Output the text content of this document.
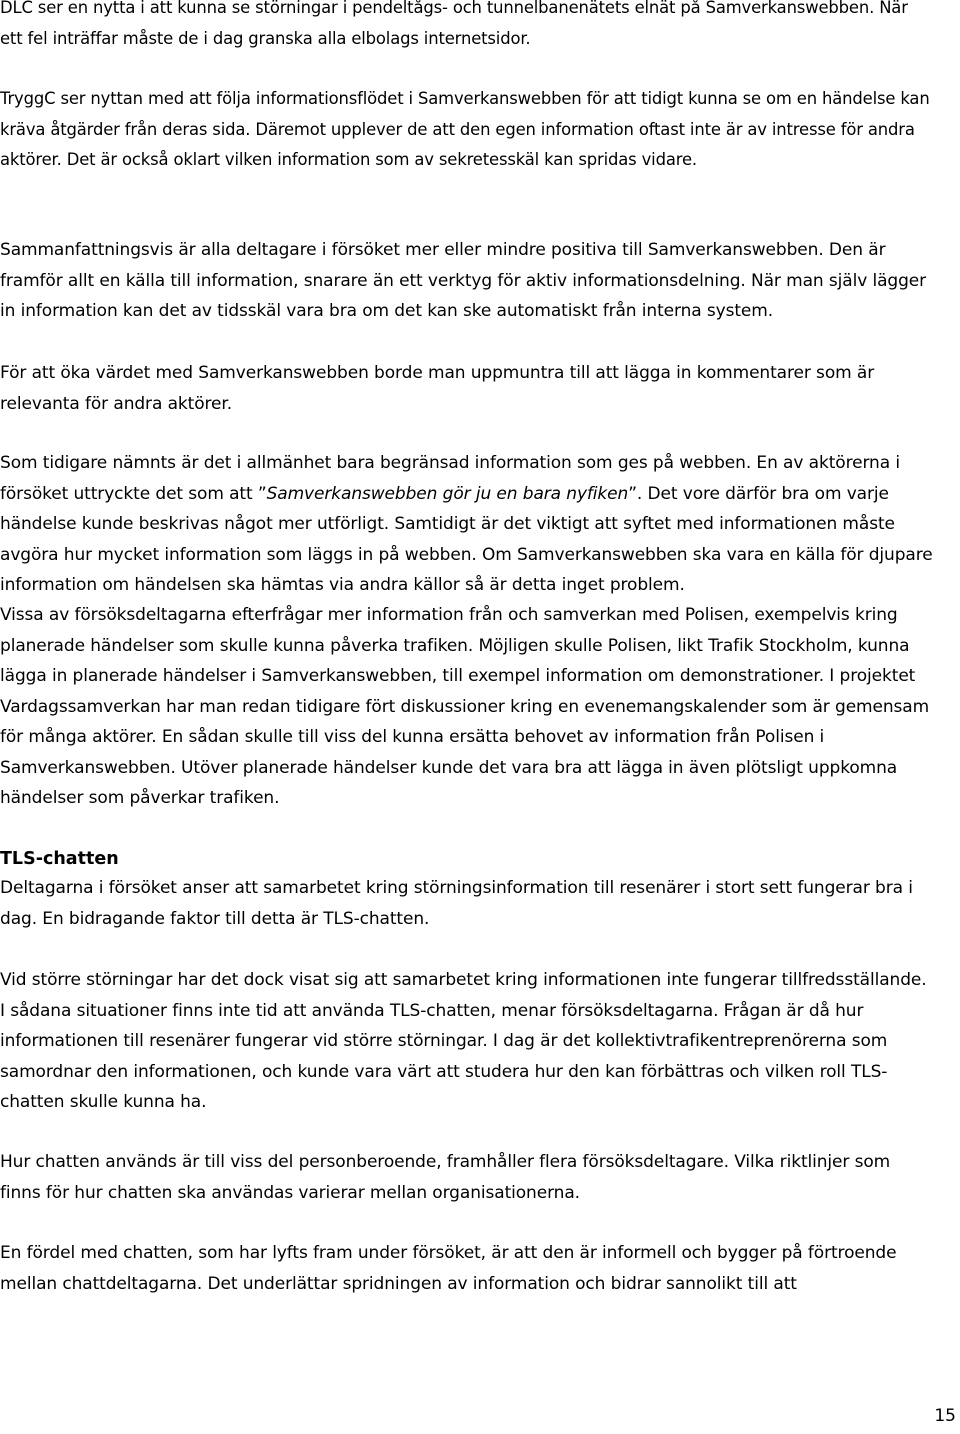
DLC ser en nytta i att kunna se störningar i pendeltågs- och tunnelbanenätets elnät på Samverkanswebben. När ett fel inträffar måste de i dag granska alla elbolags internetsidor.

TryggC ser nyttan med att följa informationsflödet i Samverkanswebben för att tidigt kunna se om en händelse kan kräva åtgärder från deras sida. Däremot upplever de att den egen information oftast inte är av intresse för andra aktörer. Det är också oklart vilken information som av sekretesskäl kan spridas vidare.

Sammanfattningsvis är alla deltagare i försöket mer eller mindre positiva till Samverkanswebben. Den är framför allt en källa till information, snarare än ett verktyg för aktiv informationsdelning. När man själv lägger in information kan det av tidsskäl vara bra om det kan ske automatiskt från interna system.

För att öka värdet med Samverkanswebben borde man uppmuntra till att lägga in kommentarer som är relevanta för andra aktörer.

Som tidigare nämnts är det i allmänhet bara begränsad information som ges på webben. En av aktörerna i försöket uttryckte det som att ”Samverkanswebben gör ju en bara nyfiken”. Det vore därför bra om varje händelse kunde beskrivas något mer utförligt. Samtidigt är det viktigt att syftet med informationen måste avgöra hur mycket information som läggs in på webben. Om Samverkanswebben ska vara en källa för djupare information om händelsen ska hämtas via andra källor så är detta inget problem.

Vissa av försöksdeltagarna efterfrågar mer information från och samverkan med Polisen, exempelvis kring planerade händelser som skulle kunna påverka trafiken. Möjligen skulle Polisen, likt Trafik Stockholm, kunna lägga in planerade händelser i Samverkanswebben, till exempel information om demonstrationer. I projektet Vardagssamverkan har man redan tidigare fört diskussioner kring en evenemangskalender som är gemensam för många aktörer. En sådan skulle till viss del kunna ersätta behovet av information från Polisen i Samverkanswebben. Utöver planerade händelser kunde det vara bra att lägga in även plötsligt uppkomna händelser som påverkar trafiken.

TLS-chatten

Deltagarna i försöket anser att samarbetet kring störningsinformation till resenärer i stort sett fungerar bra i dag. En bidragande faktor till detta är TLS-chatten.

Vid större störningar har det dock visat sig att samarbetet kring informationen inte fungerar tillfredsställande. I sådana situationer finns inte tid att använda TLS-chatten, menar försöksdeltagarna. Frågan är då hur informationen till resenärer fungerar vid större störningar. I dag är det kollektivtrafikentreprenörerna som samordnar den informationen, och kunde vara värt att studera hur den kan förbättras och vilken roll TLS-chatten skulle kunna ha.

Hur chatten används är till viss del personberoende, framhåller flera försöksdeltagare. Vilka riktlinjer som finns för hur chatten ska användas varierar mellan organisationerna.

En fördel med chatten, som har lyfts fram under försöket, är att den är informell och bygger på förtroende mellan chattdeltagarna. Det underlättar spridningen av information och bidrar sannolikt till att

15
